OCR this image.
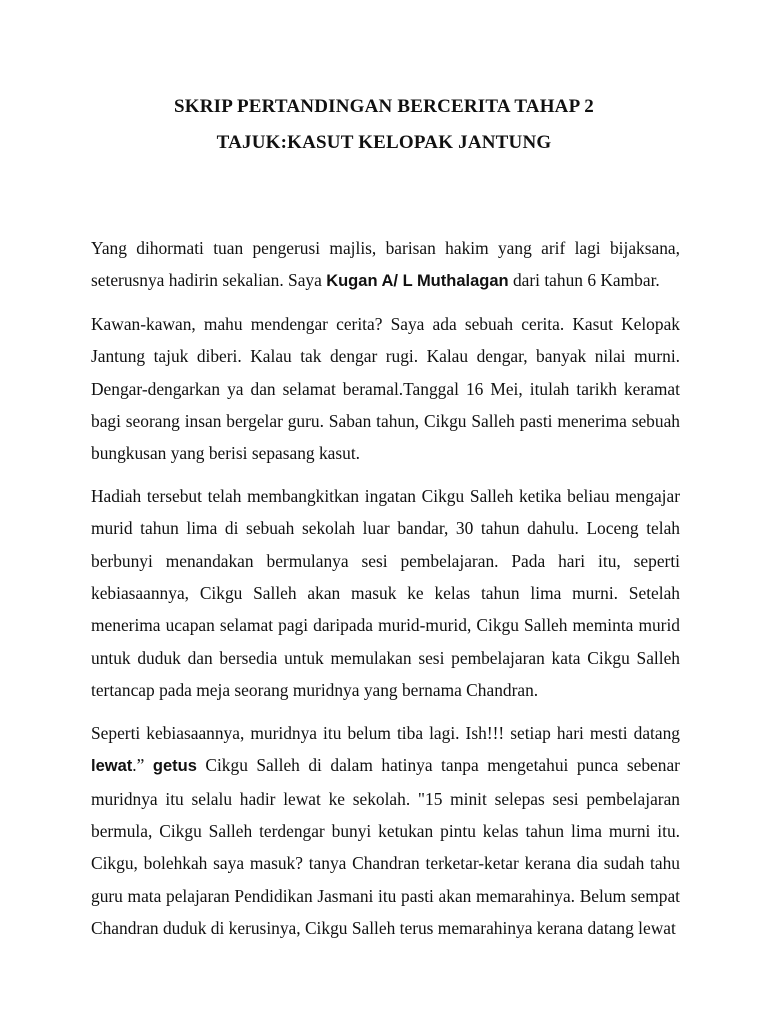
SKRIP PERTANDINGAN BERCERITA TAHAP 2
TAJUK:KASUT KELOPAK JANTUNG

Yang dihormati tuan pengerusi majlis, barisan hakim yang arif lagi bijaksana, seterusnya hadirin sekalian. Saya Kugan A/ L Muthalagan dari tahun 6 Kambar.

Kawan-kawan, mahu mendengar cerita? Saya ada sebuah cerita. Kasut Kelopak Jantung tajuk diberi. Kalau tak dengar rugi. Kalau dengar, banyak nilai murni. Dengar-dengarkan ya dan selamat beramal.Tanggal 16 Mei, itulah tarikh keramat bagi seorang insan bergelar guru. Saban tahun, Cikgu Salleh pasti menerima sebuah bungkusan yang berisi sepasang kasut.

Hadiah tersebut telah membangkitkan ingatan Cikgu Salleh ketika beliau mengajar murid tahun lima di sebuah sekolah luar bandar, 30 tahun dahulu. Loceng telah berbunyi menandakan bermulanya sesi pembelajaran. Pada hari itu, seperti kebiasaannya, Cikgu Salleh akan masuk ke kelas tahun lima murni. Setelah menerima ucapan selamat pagi daripada murid-murid, Cikgu Salleh meminta murid untuk duduk dan bersedia untuk memulakan sesi pembelajaran kata Cikgu Salleh tertancap pada meja seorang muridnya yang bernama Chandran.

Seperti kebiasaannya, muridnya itu belum tiba lagi. Ish!!! setiap hari mesti datang lewat.” getus Cikgu Salleh di dalam hatinya tanpa mengetahui punca sebenar muridnya itu selalu hadir lewat ke sekolah. "15 minit selepas sesi pembelajaran bermula, Cikgu Salleh terdengar bunyi ketukan pintu kelas tahun lima murni itu. Cikgu, bolehkah saya masuk? tanya Chandran terketar-ketar kerana dia sudah tahu guru mata pelajaran Pendidikan Jasmani itu pasti akan memarahinya. Belum sempat Chandran duduk di kerusinya, Cikgu Salleh terus memarahinya kerana datang lewat
